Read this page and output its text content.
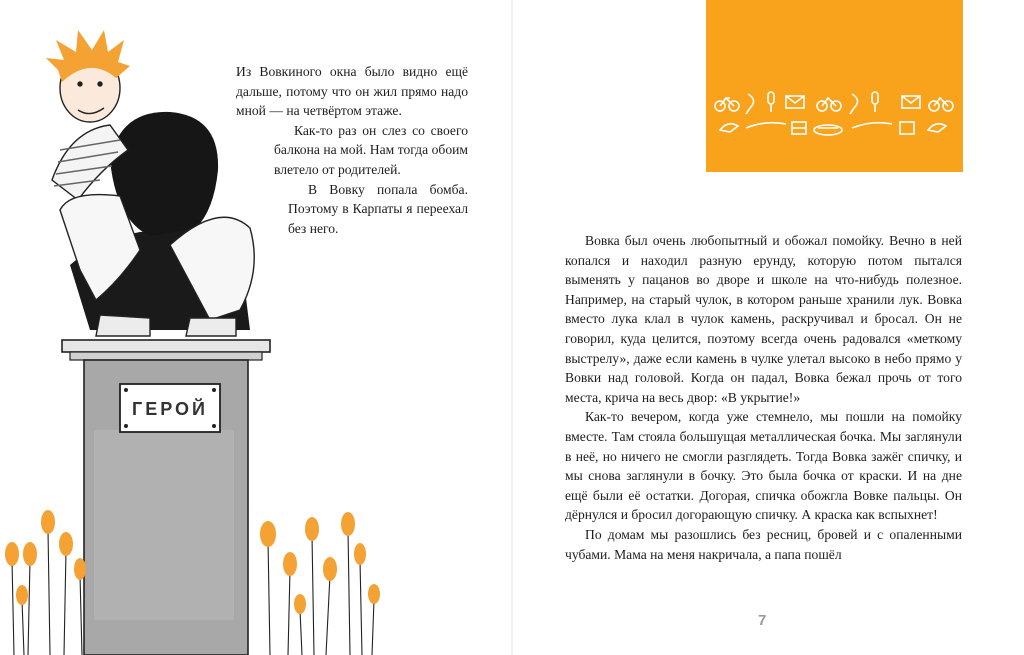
ГЕРОЙ

Из Вовкиного окна было видно ещё дальше, потому что он жил прямо надо мной — на четвёртом этаже.

Как-то раз он слез со своего балкона на мой. Нам тогда обоим влетело от родителей.

В Вовку попала бомба. Поэтому в Карпаты я переехал без него.

Вовка был очень любопытный и обожал помойку. Вечно в ней копался и находил разную ерунду, которую потом пытался выменять у пацанов во дворе и школе на что-нибудь полезное. Например, на старый чулок, в котором раньше хранили лук. Вовка вместо лука клал в чулок камень, раскручивал и бросал. Он не говорил, куда целится, поэтому всегда очень радовался «меткому выстрелу», даже если камень в чулке улетал высоко в небо прямо у Вовки над головой. Когда он падал, Вовка бежал прочь от того места, крича на весь двор: «В укрытие!»

Как-то вечером, когда уже стемнело, мы пошли на помойку вместе. Там стояла большущая металлическая бочка. Мы заглянули в неё, но ничего не смогли разглядеть. Тогда Вовка зажёг спичку, и мы снова заглянули в бочку. Это была бочка от краски. И на дне ещё были её остатки. Догорая, спичка обожгла Вовке пальцы. Он дёрнулся и бросил догорающую спичку. А краска как вспыхнет!

По домам мы разошлись без ресниц, бровей и с опаленными чубами. Мама на меня накричала, а папа пошёл

7
